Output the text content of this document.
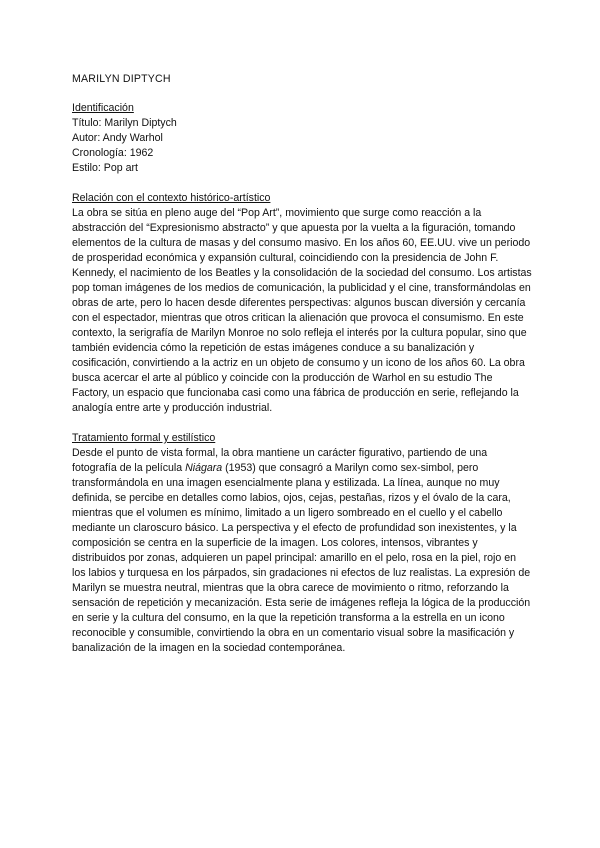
MARILYN DIPTYCH

Identificación
Título: Marilyn Diptych
Autor: Andy Warhol
Cronología: 1962
Estilo: Pop art
Relación con el contexto histórico-artístico

La obra se sitúa en pleno auge del “Pop Art”, movimiento que surge como reacción a la abstracción del “Expresionismo abstracto” y que apuesta por la vuelta a la figuración, tomando elementos de la cultura de masas y del consumo masivo. En los años 60, EE.UU. vive un periodo de prosperidad económica y expansión cultural, coincidiendo con la presidencia de John F. Kennedy, el nacimiento de los Beatles y la consolidación de la sociedad del consumo. Los artistas pop toman imágenes de los medios de comunicación, la publicidad y el cine, transformándolas en obras de arte, pero lo hacen desde diferentes perspectivas: algunos buscan diversión y cercanía con el espectador, mientras que otros critican la alienación que provoca el consumismo. En este contexto, la serigrafía de Marilyn Monroe no solo refleja el interés por la cultura popular, sino que también evidencia cómo la repetición de estas imágenes conduce a su banalización y cosificación, convirtiendo a la actriz en un objeto de consumo y un icono de los años 60. La obra busca acercar el arte al público y coincide con la producción de Warhol en su estudio The Factory, un espacio que funcionaba casi como una fábrica de producción en serie, reflejando la analogía entre arte y producción industrial.

Tratamiento formal y estilístico

Desde el punto de vista formal, la obra mantiene un carácter figurativo, partiendo de una fotografía de la película Niágara (1953) que consagró a Marilyn como sex-simbol, pero transformándola en una imagen esencialmente plana y estilizada. La línea, aunque no muy definida, se percibe en detalles como labios, ojos, cejas, pestañas, rizos y el óvalo de la cara, mientras que el volumen es mínimo, limitado a un ligero sombreado en el cuello y el cabello mediante un claroscuro básico. La perspectiva y el efecto de profundidad son inexistentes, y la composición se centra en la superficie de la imagen. Los colores, intensos, vibrantes y distribuidos por zonas, adquieren un papel principal: amarillo en el pelo, rosa en la piel, rojo en los labios y turquesa en los párpados, sin gradaciones ni efectos de luz realistas. La expresión de Marilyn se muestra neutral, mientras que la obra carece de movimiento o ritmo, reforzando la sensación de repetición y mecanización. Esta serie de imágenes refleja la lógica de la producción en serie y la cultura del consumo, en la que la repetición transforma a la estrella en un icono reconocible y consumible, convirtiendo la obra en un comentario visual sobre la masificación y banalización de la imagen en la sociedad contemporánea.
